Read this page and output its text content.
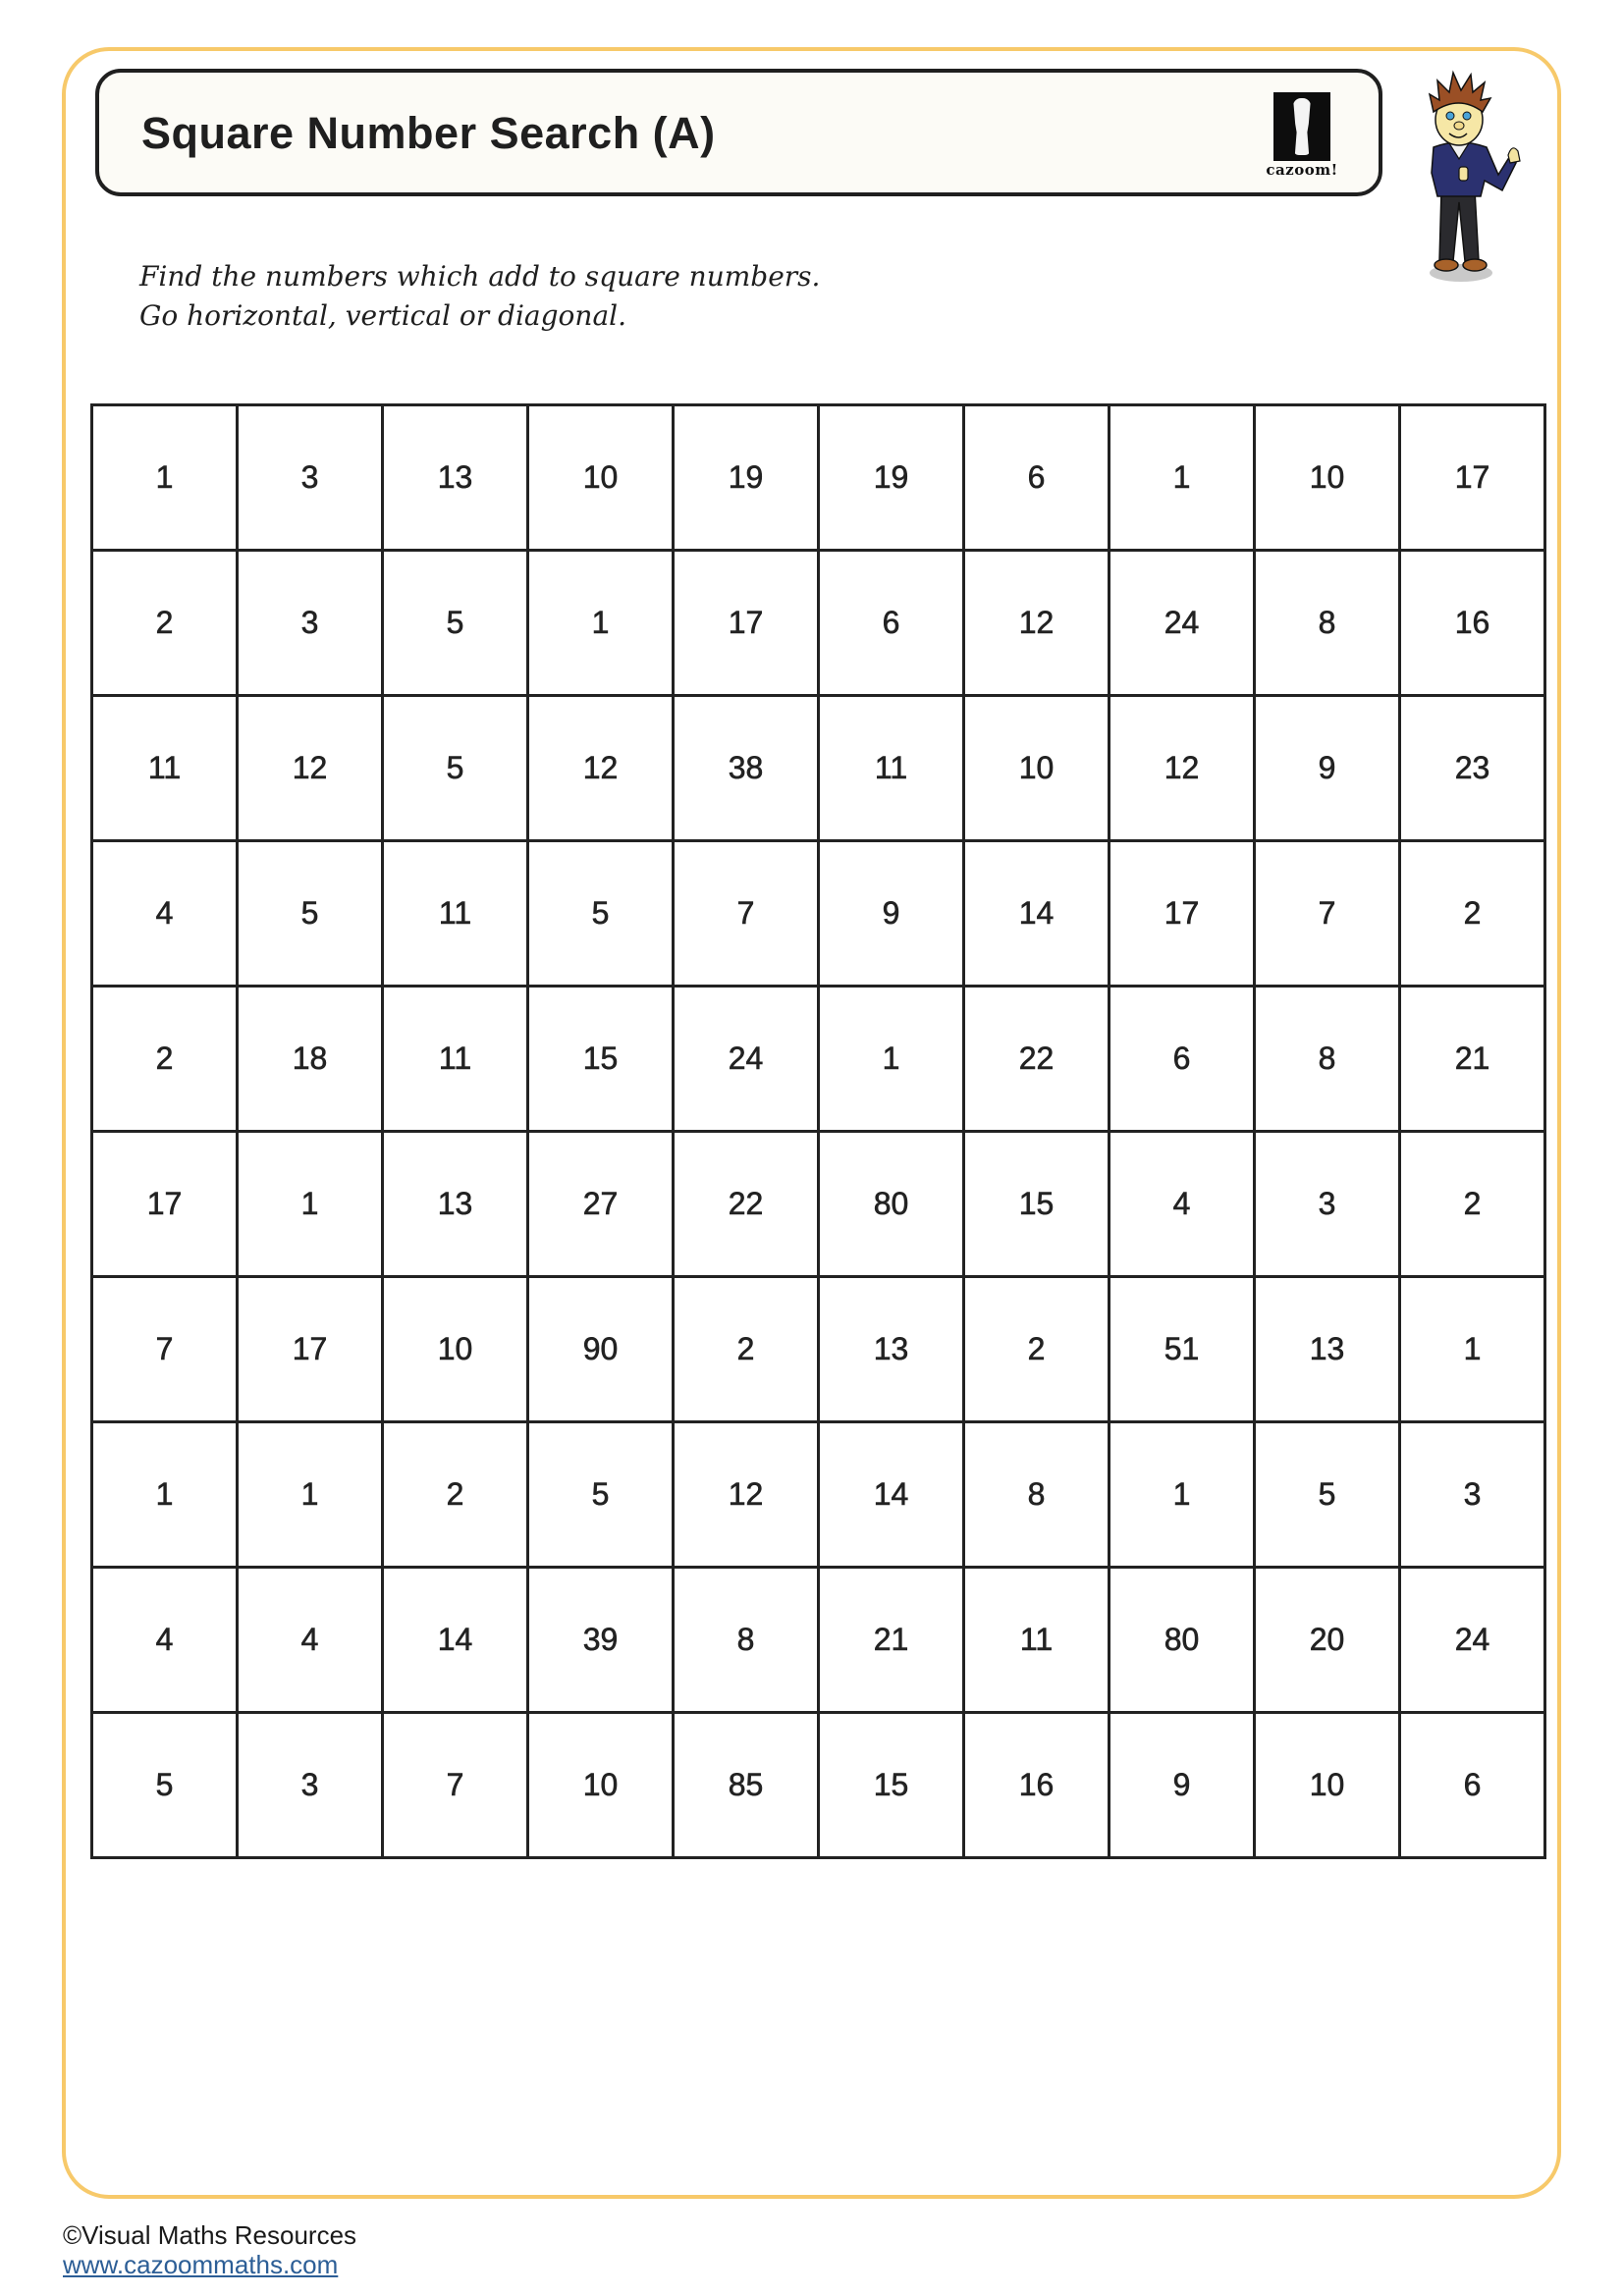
Square Number Search (A)
cazoom!

Find the numbers which add to square numbers.
Go horizontal, vertical or diagonal.

1	3	13	10	19	19	6	1	10	17
2	3	5	1	17	6	12	24	8	16
11	12	5	12	38	11	10	12	9	23
4	5	11	5	7	9	14	17	7	2
2	18	11	15	24	1	22	6	8	21
17	1	13	27	22	80	15	4	3	2
7	17	10	90	2	13	2	51	13	1
1	1	2	5	12	14	8	1	5	3
4	4	14	39	8	21	11	80	20	24
5	3	7	10	85	15	16	9	10	6
©Visual Maths Resources
www.cazoommaths.com
